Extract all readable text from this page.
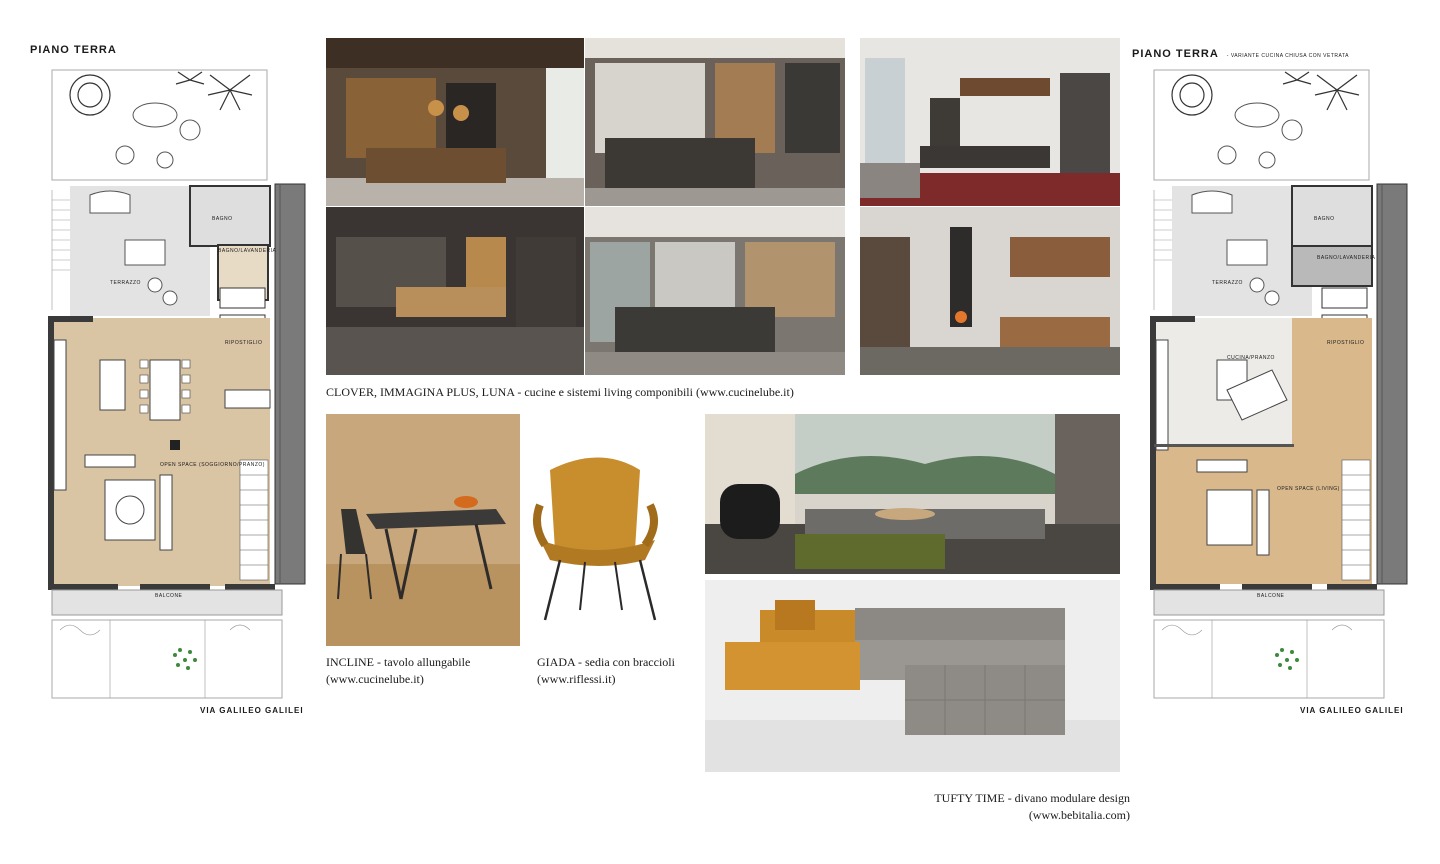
PIANO TERRA
BAGNO
BAGNO/LAVANDERIA
TERRAZZO
RIPOSTIGLIO
OPEN SPACE (SOGGIORNO/PRANZO)
BALCONE
VIA GALILEO GALILEI
CLOVER, IMMAGINA PLUS, LUNA - cucine e sistemi living componibili (www.cucinelube.it)
INCLINE - tavolo allungabile
(www.cucinelube.it)
GIADA - sedia con braccioli
(www.riflessi.it)
TUFTY TIME - divano modulare design
(www.bebitalia.com)
PIANO TERRA - VARIANTE CUCINA CHIUSA CON VETRATA
BAGNO
BAGNO/LAVANDERIA
TERRAZZO
RIPOSTIGLIO
CUCINA/PRANZO
OPEN SPACE (LIVING)
BALCONE
VIA GALILEO GALILEI
